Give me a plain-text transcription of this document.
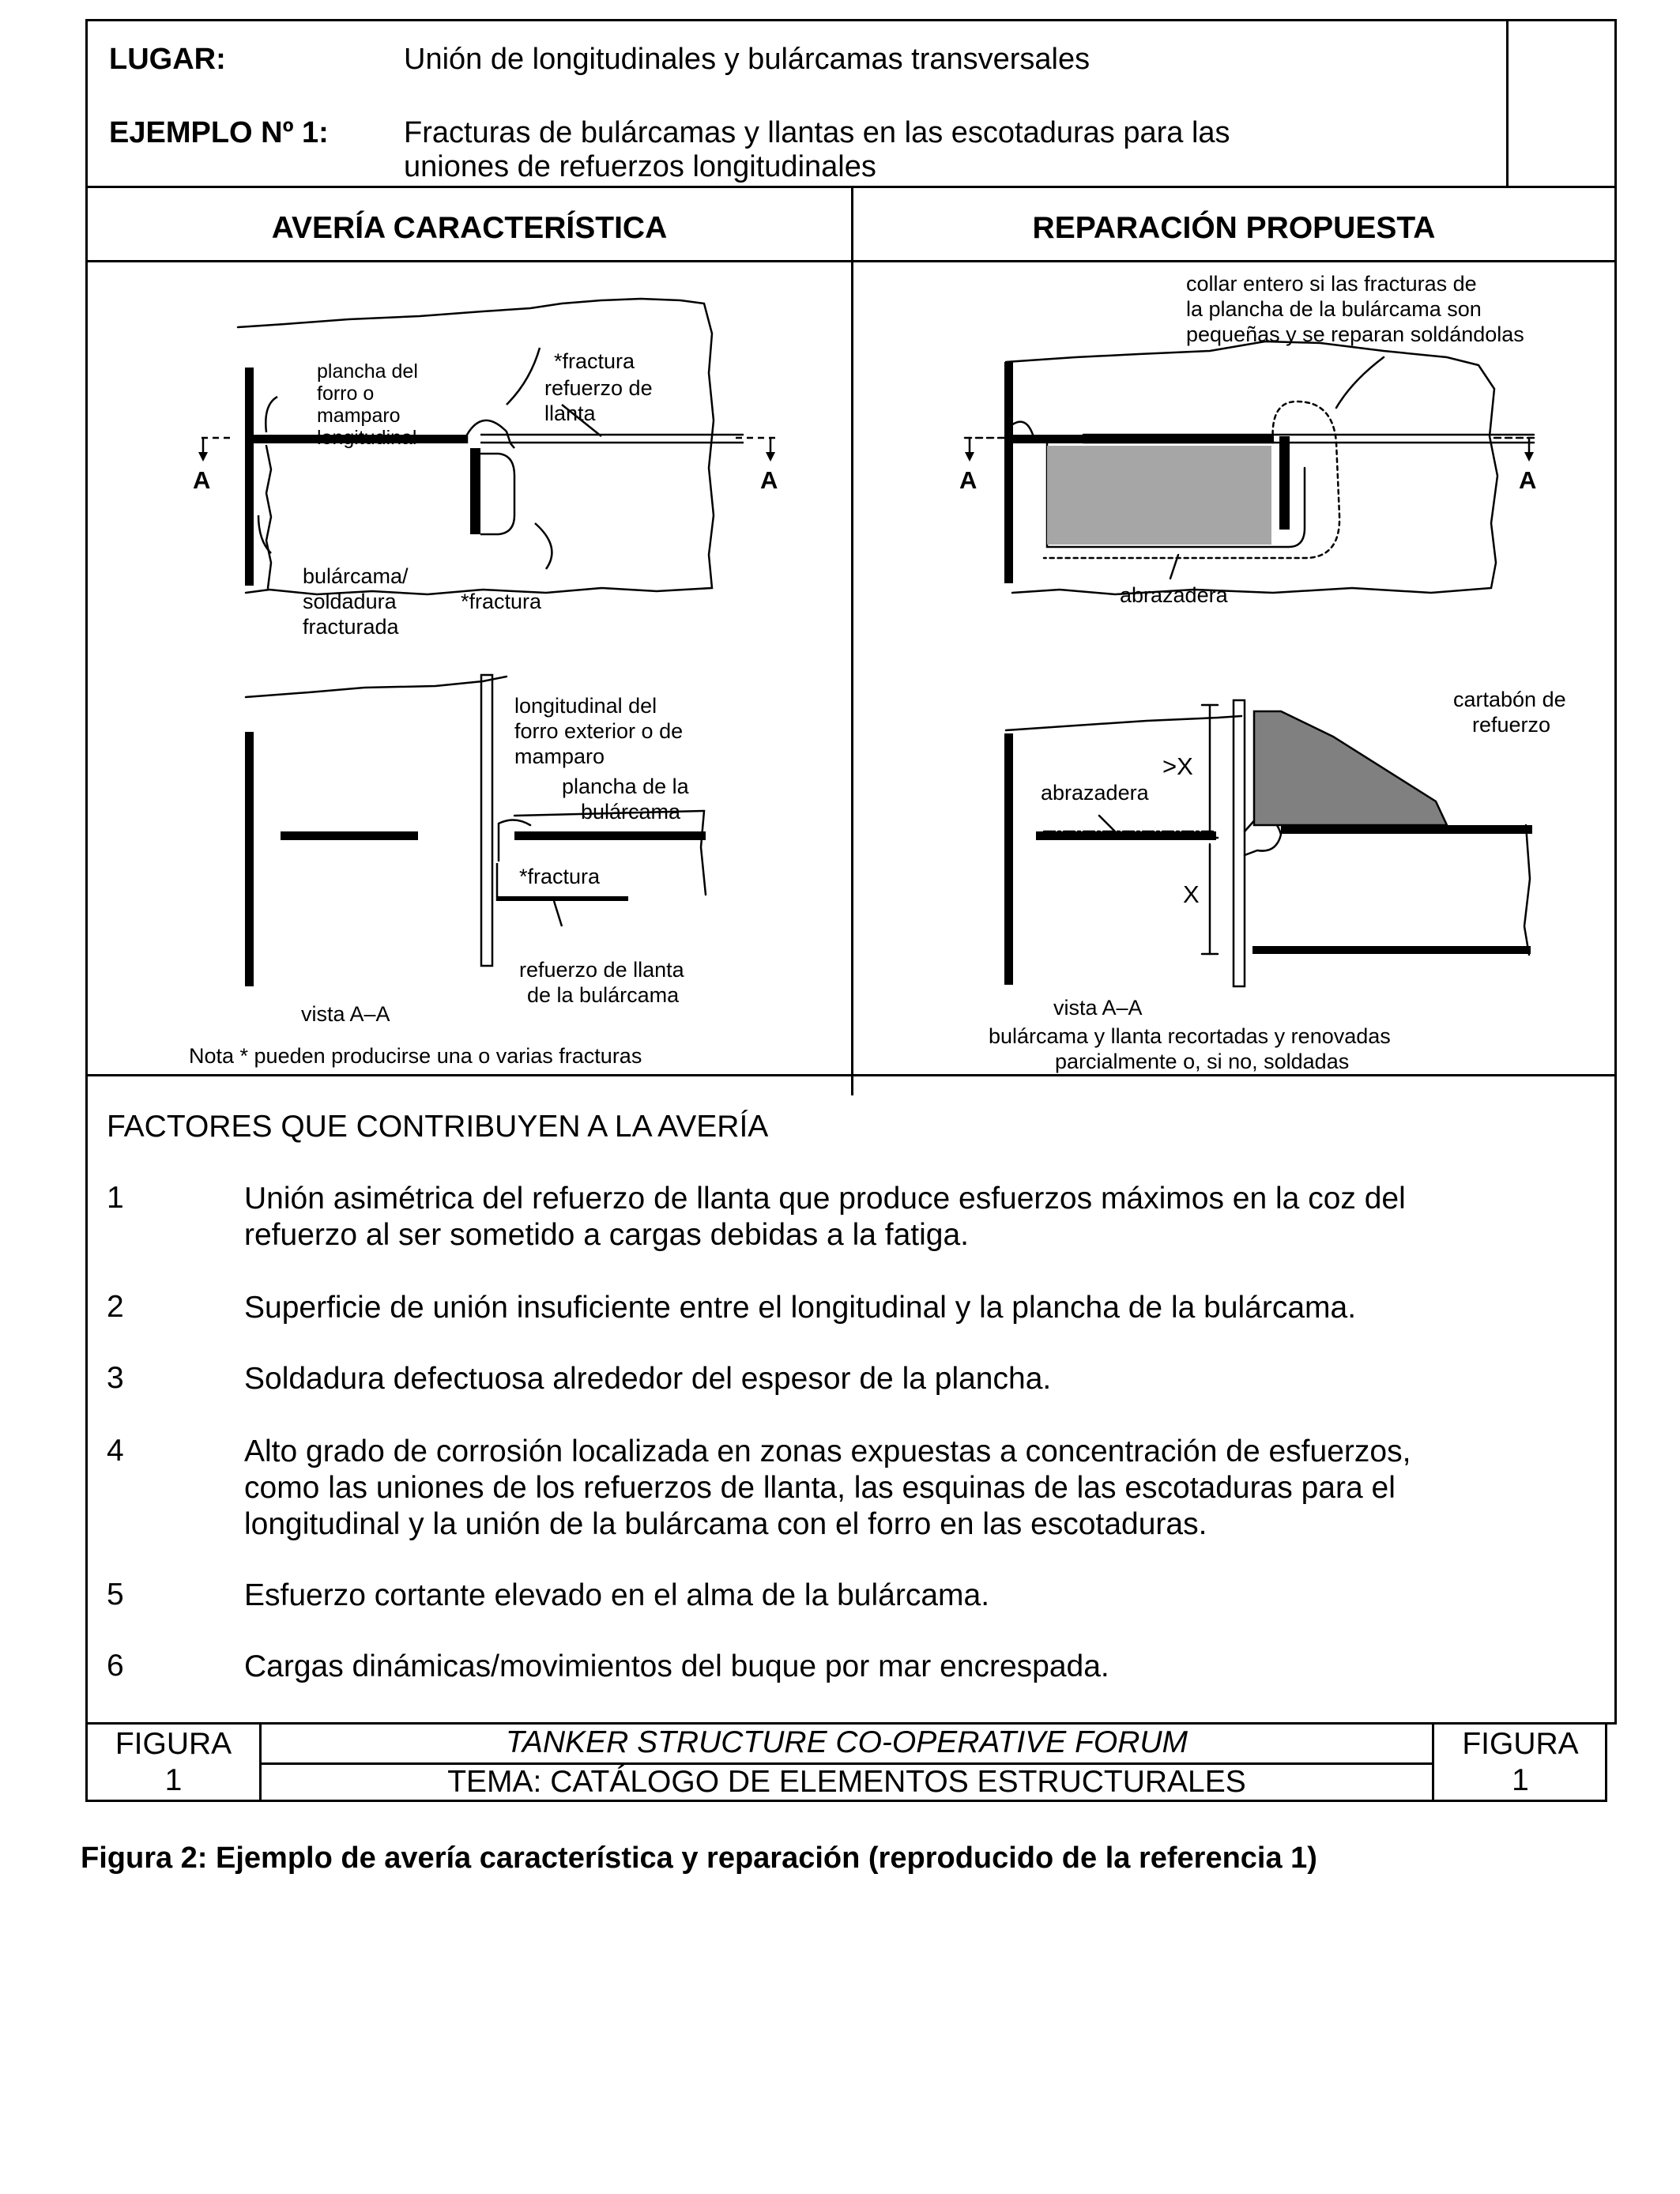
LUGAR:	Unión de longitudinales y bulárcamas transversales
EJEMPLO Nº 1:	Fracturas de bulárcamas y llantas en las escotaduras para las
uniones de refuerzos longitudinales
AVERÍA CARACTERÍSTICA	REPARACIÓN PROPUESTA
plancha del
forro o
mamparo
longitudinal
*fractura
refuerzo de
llanta
A	A
bulárcama/
soldadura
fracturada
*fractura
longitudinal del
forro exterior o de
mamparo
plancha de la
bulárcama
*fractura
refuerzo de llanta
de la bulárcama
vista A–A
Nota * pueden producirse una o varias fracturas
collar entero si las fracturas de
la plancha de la bulárcama son
pequeñas y se reparan soldándolas
A	A
abrazadera
cartabón de
refuerzo
abrazadera
>X
X
vista A–A
bulárcama y llanta recortadas y renovadas
parcialmente o, si no, soldadas
FACTORES QUE CONTRIBUYEN A LA AVERÍA
1	Unión asimétrica del refuerzo de llanta que produce esfuerzos máximos en la coz del
refuerzo al ser sometido a cargas debidas a la fatiga.
2	Superficie de unión insuficiente entre el longitudinal y la plancha de la bulárcama.
3	Soldadura defectuosa alrededor del espesor de la plancha.
4	Alto grado de corrosión localizada en zonas expuestas a concentración de esfuerzos,
como las uniones de los refuerzos de llanta, las esquinas de las escotaduras para el
longitudinal y la unión de la bulárcama con el forro en las escotaduras.
5	Esfuerzo cortante elevado en el alma de la bulárcama.
6	Cargas dinámicas/movimientos del buque por mar encrespada.
FIGURA
1
TANKER STRUCTURE CO-OPERATIVE FORUM
TEMA: CATÁLOGO DE ELEMENTOS ESTRUCTURALES
FIGURA
1
Figura 2: Ejemplo de avería característica y reparación (reproducido de la referencia 1)
